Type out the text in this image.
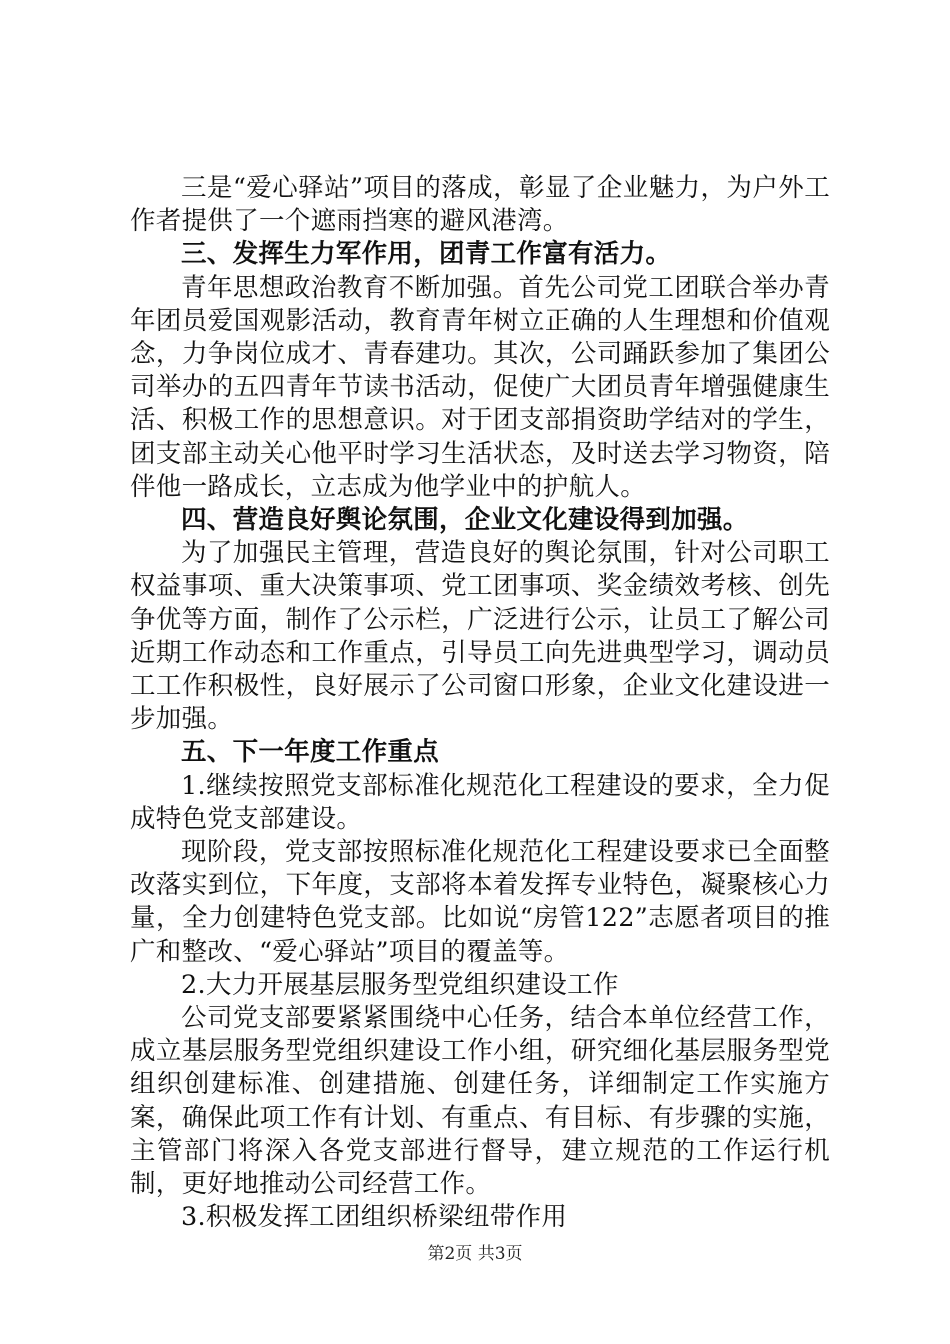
三是“爱心驿站”项目的落成，彰显了企业魅力，为户外工作者提供了一个遮雨挡寒的避风港湾。

三、发挥生力军作用，团青工作富有活力。

青年思想政治教育不断加强。首先公司党工团联合举办青年团员爱国观影活动，教育青年树立正确的人生理想和价值观念，力争岗位成才、青春建功。其次，公司踊跃参加了集团公司举办的五四青年节读书活动，促使广大团员青年增强健康生活、积极工作的思想意识。对于团支部捐资助学结对的学生，团支部主动关心他平时学习生活状态，及时送去学习物资，陪伴他一路成长，立志成为他学业中的护航人。

四、营造良好舆论氛围，企业文化建设得到加强。

为了加强民主管理，营造良好的舆论氛围，针对公司职工权益事项、重大决策事项、党工团事项、奖金绩效考核、创先争优等方面，制作了公示栏，广泛进行公示，让员工了解公司近期工作动态和工作重点，引导员工向先进典型学习，调动员工工作积极性，良好展示了公司窗口形象，企业文化建设进一步加强。

五、下一年度工作重点

1.继续按照党支部标准化规范化工程建设的要求，全力促成特色党支部建设。

现阶段，党支部按照标准化规范化工程建设要求已全面整改落实到位，下年度，支部将本着发挥专业特色，凝聚核心力量，全力创建特色党支部。比如说“房管122”志愿者项目的推广和整改、“爱心驿站”项目的覆盖等。

2.大力开展基层服务型党组织建设工作

公司党支部要紧紧围绕中心任务，结合本单位经营工作，成立基层服务型党组织建设工作小组，研究细化基层服务型党组织创建标准、创建措施、创建任务，详细制定工作实施方案，确保此项工作有计划、有重点、有目标、有步骤的实施，主管部门将深入各党支部进行督导，建立规范的工作运行机制，更好地推动公司经营工作。

3.积极发挥工团组织桥梁纽带作用

第2页 共3页
